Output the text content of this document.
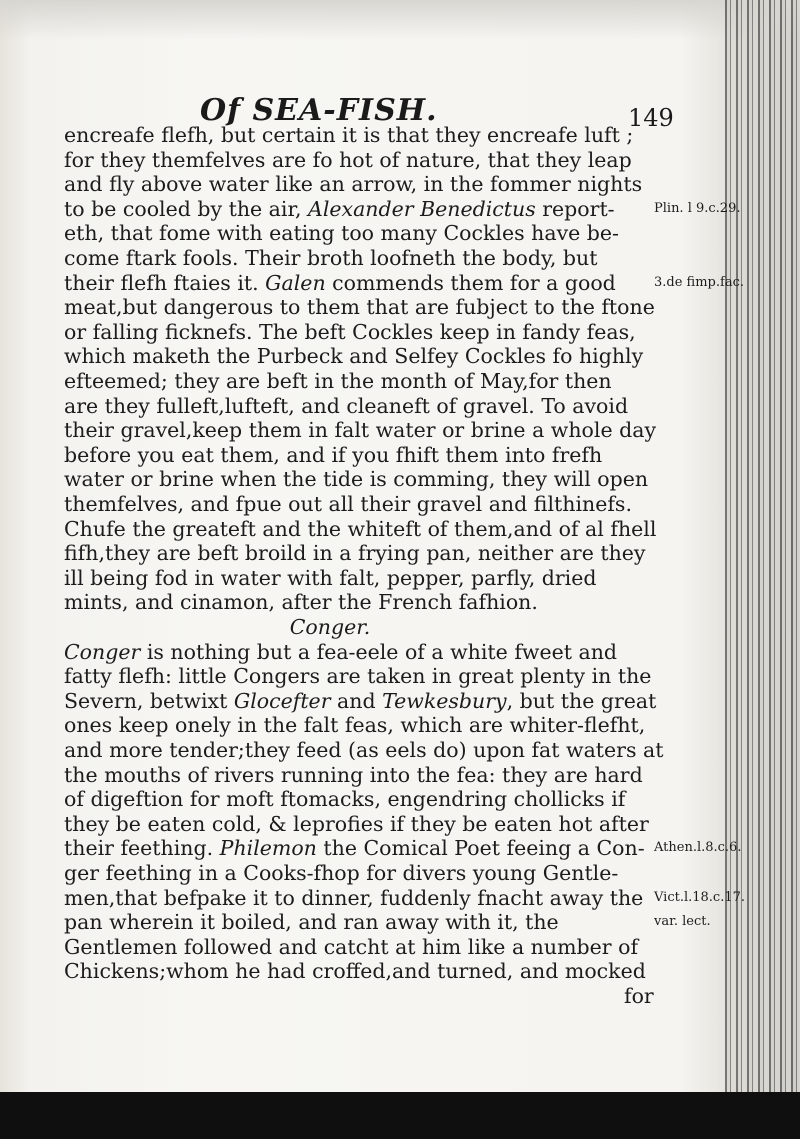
Of SEA-FISH.	149
encreafe flefh, but certain it is that they encreafe luft ;
for they themfelves are fo hot of nature, that they leap
and fly above water like an arrow, in the fommer nights
to be cooled by the air, Alexander Benedictus report-
eth, that fome with eating too many Cockles have be-
come ftark fools. Their broth loofneth the body, but
their flefh ftaies it. Galen commends them for a good
meat,but dangerous to them that are fubject to the ftone
or falling ficknefs. The beft Cockles keep in fandy feas,
which maketh the Purbeck and Selfey Cockles fo highly
efteemed; they are beft in the month of May,for then
are they fulleft,lufteft, and cleaneft of gravel. To avoid
their gravel,keep them in falt water or brine a whole day
before you eat them, and if you fhift them into frefh
water or brine when the tide is comming, they will open
themfelves, and fpue out all their gravel and filthinefs.
Chufe the greateft and the whiteft of them,and of al fhell
fifh,they are beft broild in a frying pan, neither are they
ill being fod in water with falt, pepper, parfly, dried
mints, and cinamon, after the French fafhion.
Conger.
Conger is nothing but a fea-eele of a white fweet and
fatty flefh: little Congers are taken in great plenty in the
Severn, betwixt Glocefter and Tewkesbury, but the great
ones keep onely in the falt feas, which are whiter-flefht,
and more tender;they feed (as eels do) upon fat waters at
the mouths of rivers running into the fea: they are hard
of digeftion for moft ftomacks, engendring chollicks if
they be eaten cold, & leprofies if they be eaten hot after
their feething. Philemon the Comical Poet feeing a Con-
ger feething in a Cooks-fhop for divers young Gentle-
men,that befpake it to dinner, fuddenly fnacht away the
pan wherein it boiled, and ran away with it, the
Gentlemen followed and catcht at him like a number of
Chickens;whom he had croffed,and turned, and mocked
for
Plin. l 9.c.29.
3.de fimp.fac.
Athen.l.8.c.6.
Vict.l.18.c.17.
var. lect.
